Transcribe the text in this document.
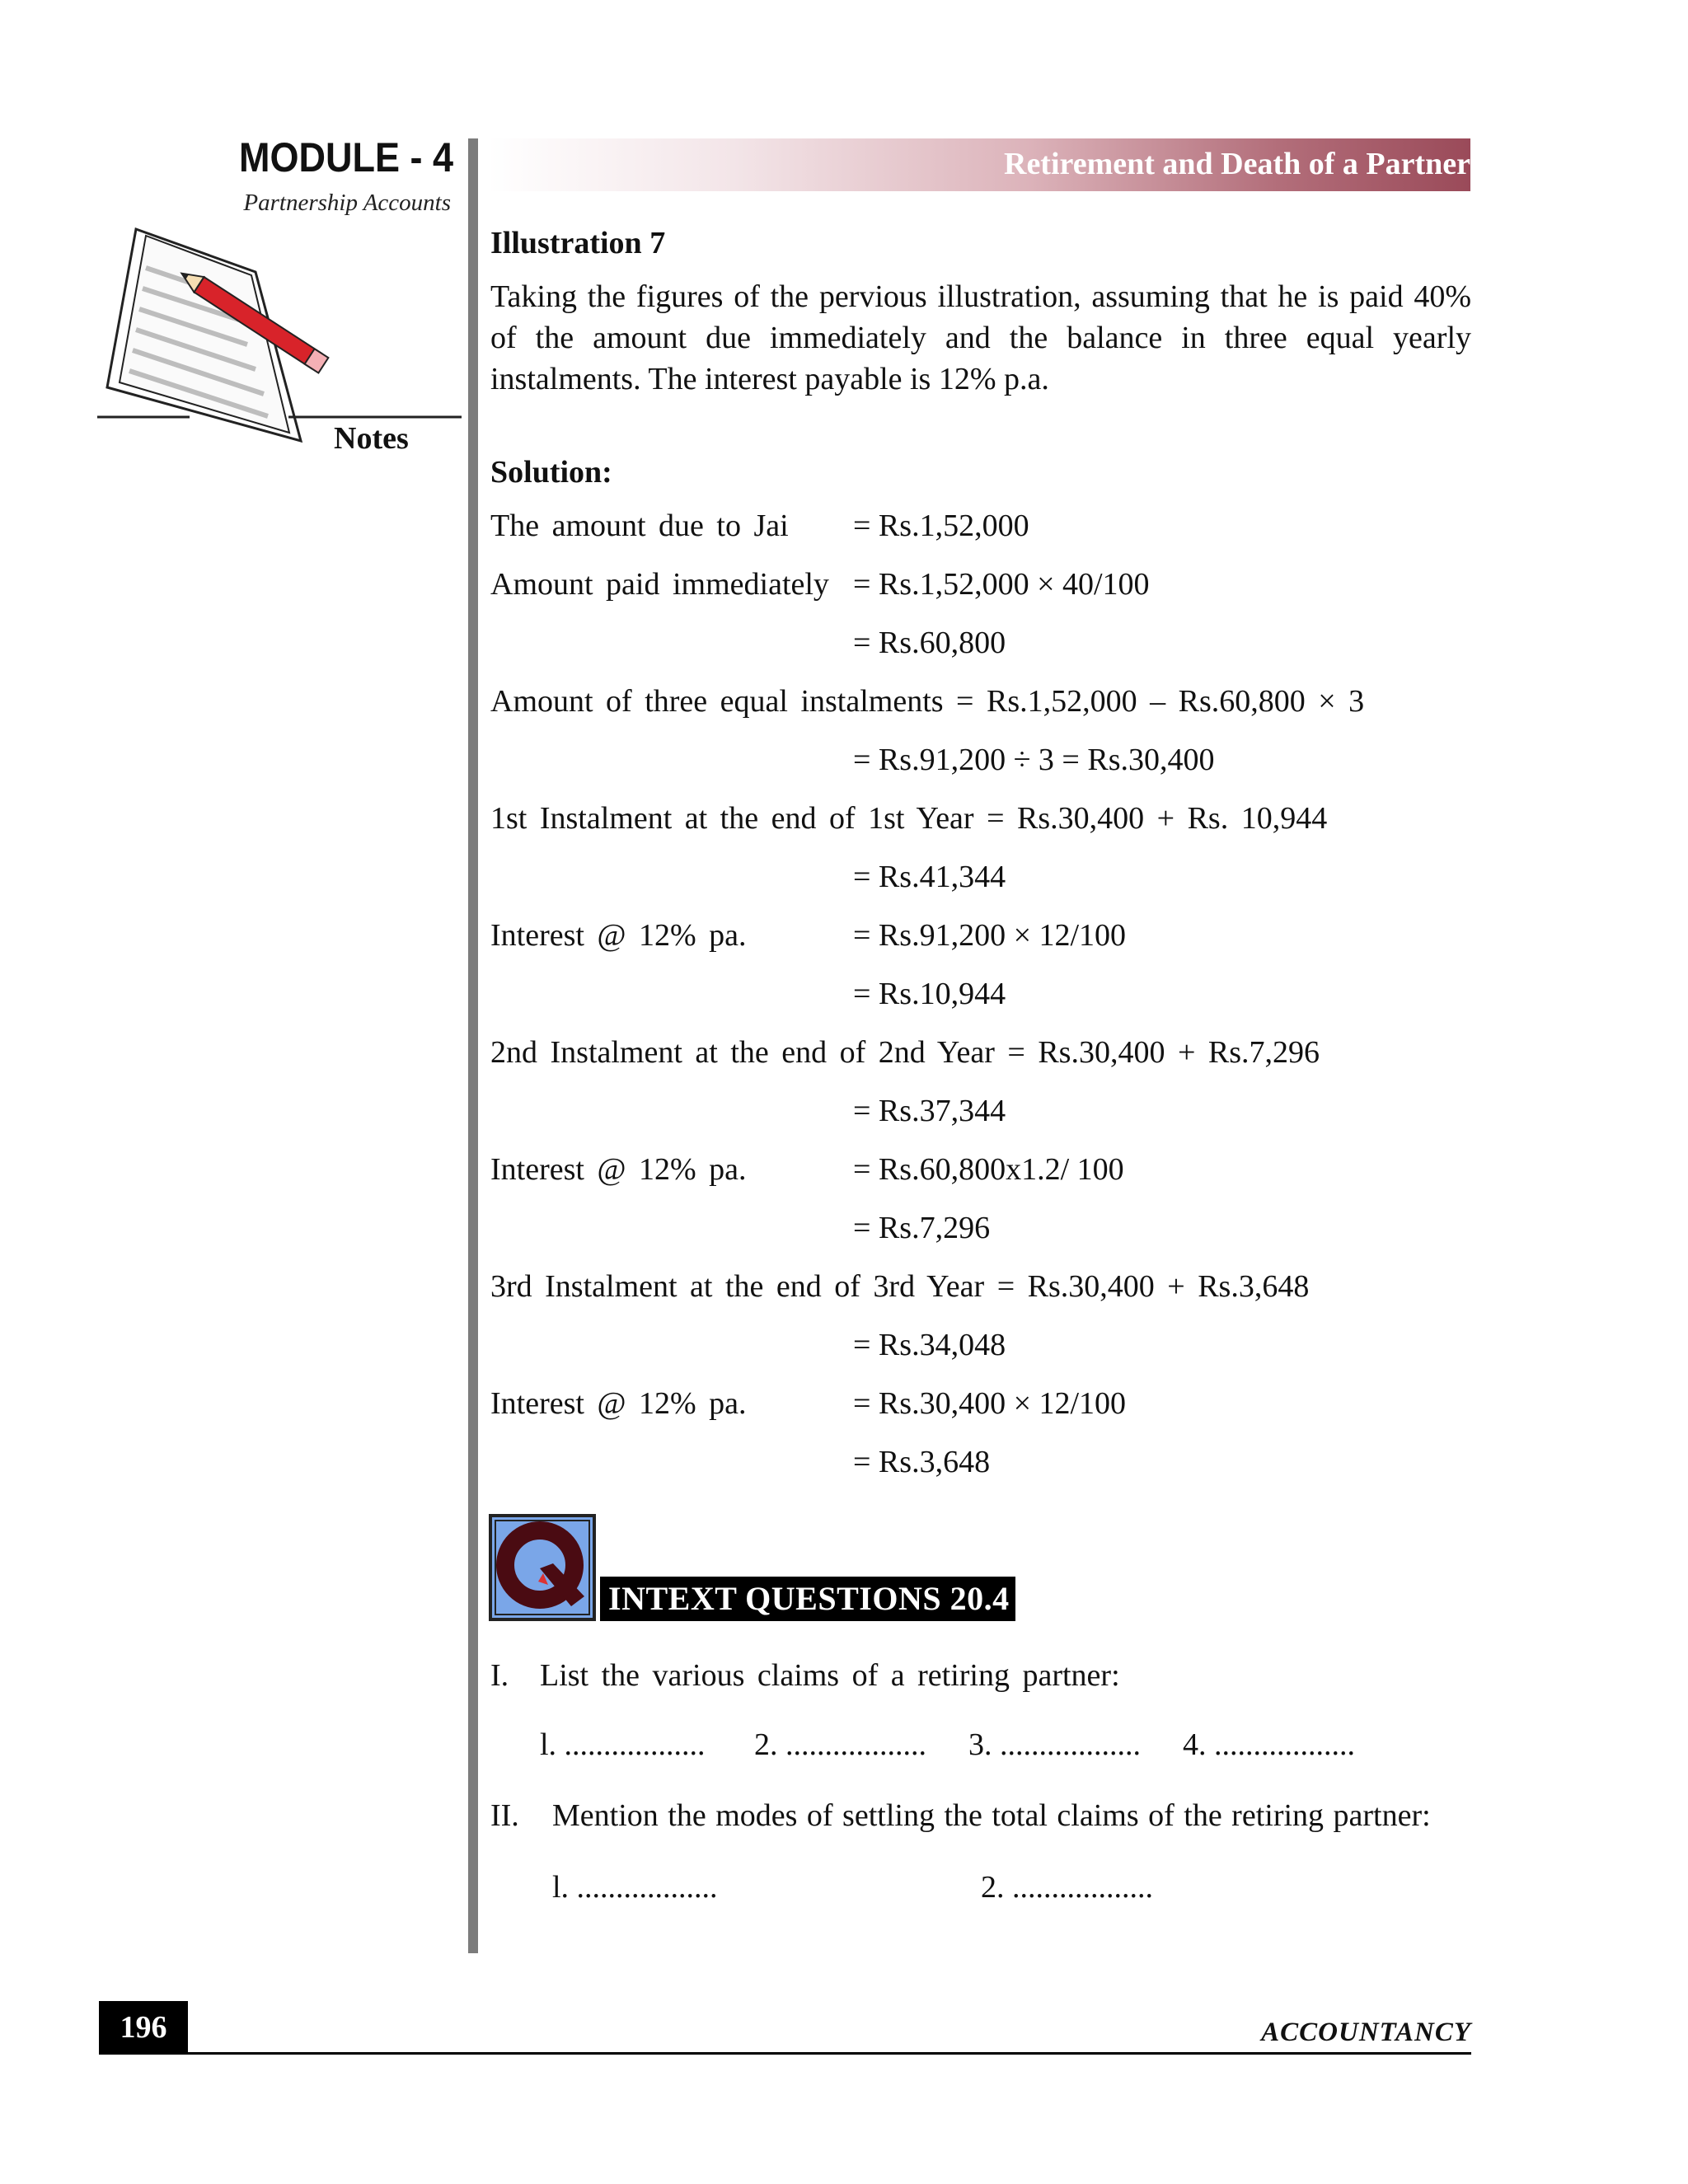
MODULE - 4
Partnership Accounts
Notes
Retirement and Death of a Partner
Illustration 7
Taking the figures of the pervious illustration, assuming that he is paid 40% of the amount due immediately and the balance in three equal yearly instalments. The interest payable is 12% p.a.
Solution:
The amount due to Jai = Rs.1,52,000
Amount paid immediately = Rs.1,52,000 × 40/100
= Rs.60,800
Amount of three equal instalments = Rs.1,52,000 – Rs.60,800 × 3
= Rs.91,200 ÷ 3 = Rs.30,400
1st Instalment at the end of 1st Year = Rs.30,400 + Rs. 10,944
= Rs.41,344
Interest @ 12% pa.	= Rs.91,200 × 12/100
= Rs.10,944
2nd Instalment at the end of 2nd Year = Rs.30,400 + Rs.7,296
= Rs.37,344
Interest @ 12% pa.	= Rs.60,800x1.2/ 100
= Rs.7,296
3rd Instalment at the end of 3rd Year = Rs.30,400 + Rs.3,648
= Rs.34,048
Interest @ 12% pa.	= Rs.30,400 × 12/100
= Rs.3,648
INTEXT QUESTIONS 20.4
I. List the various claims of a retiring partner:
l. .................. 2. .................. 3. .................. 4. ..................
II. Mention the modes of settling the total claims of the retiring partner:
l. ..................	2. ..................
196	ACCOUNTANCY
